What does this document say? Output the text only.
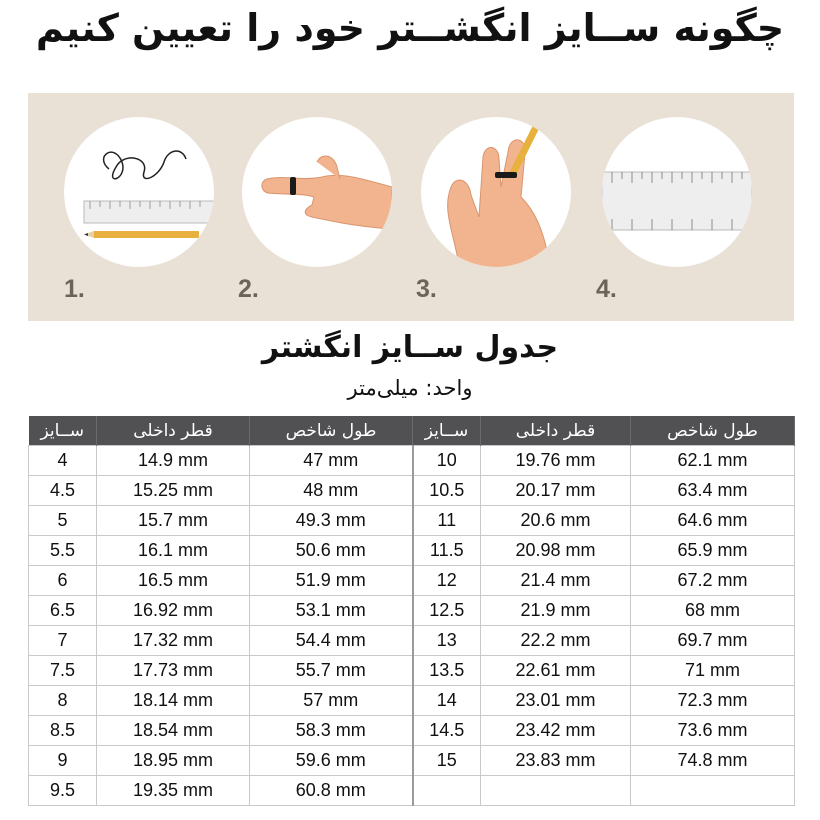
چگونه ســایز انگشــتر خود را تعیین کنیم
1.	2.	3.	4.
جدول ســایز انگشتر
واحد: میلی‌متر
ســایز	قطر داخلی	طول شاخص	ســایز	قطر داخلی	طول شاخص
4	14.9 mm	47 mm	10	19.76 mm	62.1 mm
4.5	15.25 mm	48 mm	10.5	20.17 mm	63.4 mm
5	15.7 mm	49.3 mm	11	20.6 mm	64.6 mm
5.5	16.1 mm	50.6 mm	11.5	20.98 mm	65.9 mm
6	16.5 mm	51.9 mm	12	21.4 mm	67.2 mm
6.5	16.92 mm	53.1 mm	12.5	21.9 mm	68 mm
7	17.32 mm	54.4 mm	13	22.2 mm	69.7 mm
7.5	17.73 mm	55.7 mm	13.5	22.61 mm	71 mm
8	18.14 mm	57 mm	14	23.01 mm	72.3 mm
8.5	18.54 mm	58.3 mm	14.5	23.42 mm	73.6 mm
9	18.95 mm	59.6 mm	15	23.83 mm	74.8 mm
9.5	19.35 mm	60.8 mm			
